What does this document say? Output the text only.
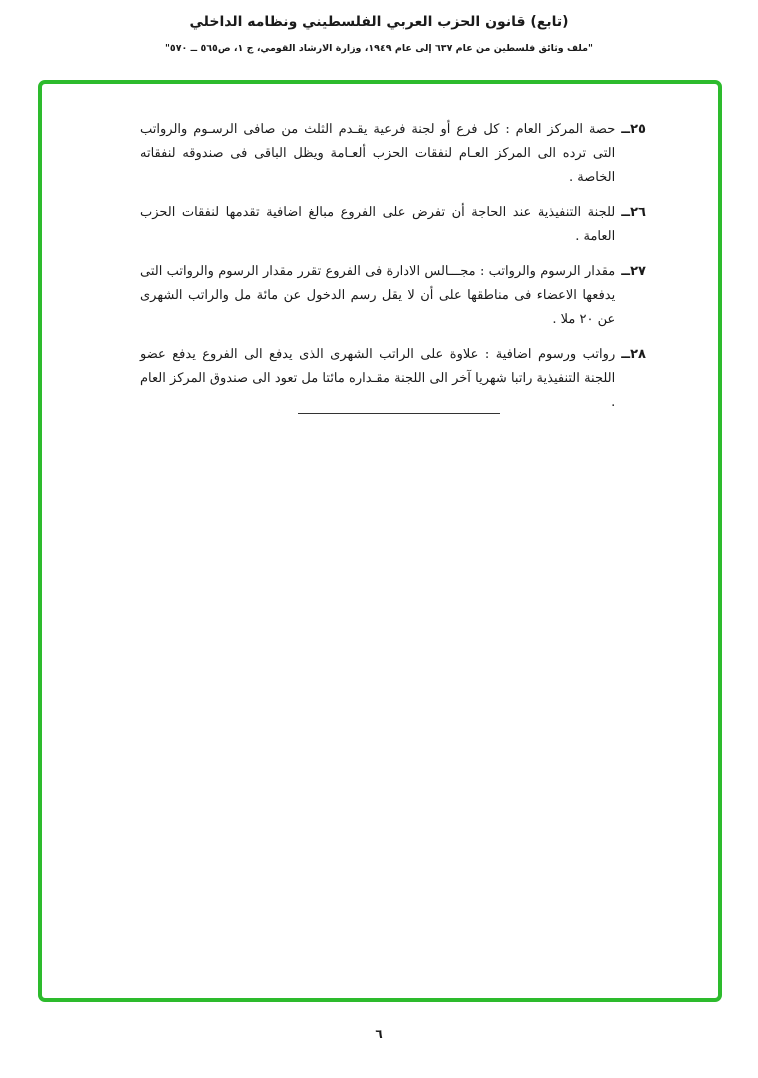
(تابع) قانون الحزب العربي الفلسطيني ونظامه الداخلي
"ملف وثائق فلسطين من عام ٦٣٧ إلى عام ١٩٤٩، وزارة الارشاد القومي، ج ١، ص٥٦٥ ــ ٥٧٠"
٢٥ــ
حصة المركز العام : كل فرع أو لجنة فرعية يقـدم الثلث من صافى الرسـوم والرواتب التى ترده الى المركز العـام لنفقات الحزب ألعـامة ويظل الباقى فى صندوقه لنفقاته الخاصة .
٢٦ــ
للجنة التنفيذية عند الحاجة أن تفرض على الفروع مبالغ اضافية تقدمها لنفقات الحزب العامة .
٢٧ــ
مقدار الرسوم والرواتب : مجـــالس الادارة فى الفروع تقرر مقدار الرسوم والرواتب التى يدفعها الاعضاء فى مناطقها على أن لا يقل رسم الدخول عن مائة مل والراتب الشهرى عن ٢٠ ملا .
٢٨ــ
رواتب ورسوم اضافية : علاوة على الراتب الشهرى الذى يدفع الى الفروع يدفع عضو اللجنة التنفيذية راتبا شهريا آخر الى اللجنة مقـداره مائتا مل تعود الى صندوق المركز العام .
٦
